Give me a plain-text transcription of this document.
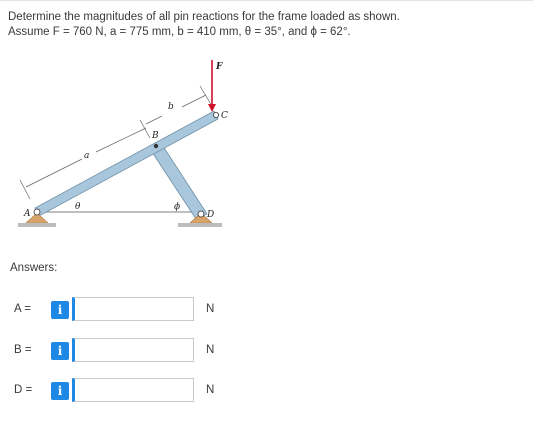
Determine the magnitudes of all pin reactions for the frame loaded as shown.

Assume F = 760 N, a = 775 mm, b = 410 mm, θ = 35°, and ϕ = 62°.

F
C
B
b
a
A	D
θ	ϕ
Answers:
A =	i	N
B =	i	N
D =	i	N
